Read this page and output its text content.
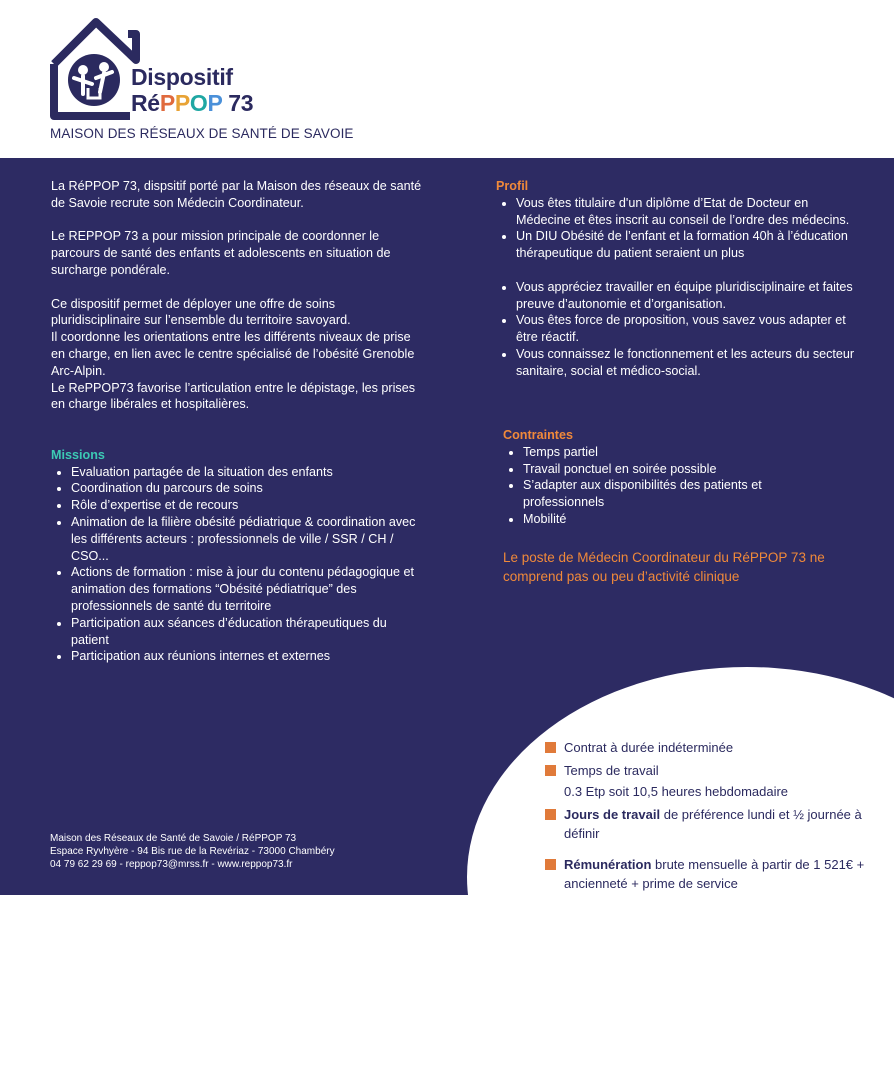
Dispositif
RéPPOP 73
MAISON DES RÉSEAUX DE SANTÉ DE SAVOIE

La RéPPOP 73, dispsitif porté par la Maison des réseaux de santé de Savoie recrute son Médecin Coordinateur.

Le REPPOP 73 a pour mission principale de coordonner le parcours de santé des enfants et adolescents en situation de surcharge pondérale.

Ce dispositif permet de déployer une offre de soins pluridisciplinaire sur l’ensemble du territoire savoyard.
Il coordonne les orientations entre les différents niveaux de prise en charge, en lien avec le centre spécialisé de l’obésité Grenoble Arc-Alpin.
Le RePPOP73 favorise l’articulation entre le dépistage, les prises en charge libérales et hospitalières.
Missions
• Evaluation partagée de la situation des enfants
• Coordination du parcours de soins
• Rôle d’expertise et de recours
• Animation de la filière obésité pédiatrique & coordination avec les différents acteurs : professionnels de ville / SSR / CH / CSO...
• Actions de formation : mise à jour du contenu pédagogique et animation des formations “Obésité pédiatrique” des professionnels de santé du territoire
• Participation aux séances d’éducation thérapeutiques du patient
• Participation aux réunions internes et externes
Profil
• Vous êtes titulaire d'un diplôme d’Etat de Docteur en Médecine et êtes inscrit au conseil de l’ordre des médecins.
• Un DIU Obésité de l’enfant et la formation 40h à l’éducation thérapeutique du patient seraient un plus
• Vous appréciez travailler en équipe pluridisciplinaire et faites preuve d’autonomie et d’organisation.
• Vous êtes force de proposition, vous savez vous adapter et être réactif.
• Vous connaissez le fonctionnement et les acteurs du secteur sanitaire, social et médico-social.
Contraintes
• Temps partiel
• Travail ponctuel en soirée possible
• S’adapter aux disponibilités des patients et professionnels
• Mobilité
Le poste de Médecin Coordinateur du RéPPOP 73 ne comprend pas ou peu d’activité clinique
Maison des Réseaux de Santé de Savoie / RéPPOP 73
Espace Ryvhyère - 94 Bis rue de la Revériaz - 73000 Chambéry
04 79 62 29 69 - reppop73@mrss.fr - www.reppop73.fr
Contrat à durée indéterminée
Temps de travail
0.3 Etp soit 10,5 heures hebdomadaire
Jours de travail de préférence lundi et ½ journée à définir
Rémunération brute mensuelle à partir de 1 521€ + ancienneté + prime de service
